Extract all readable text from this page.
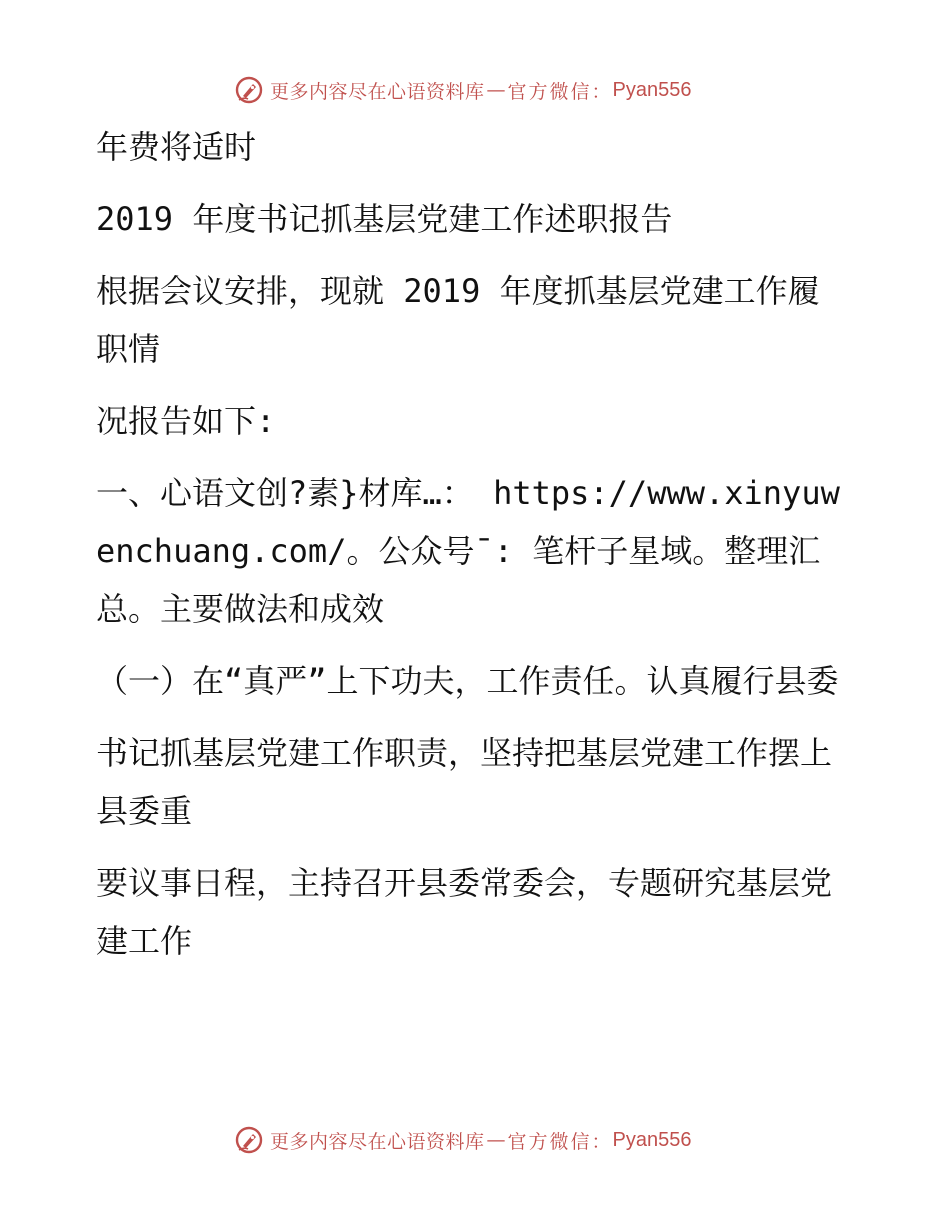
更多内容尽在心语资料库 — 官方微信： Pyan556

年费将适时

2019 年度书记抓基层党建工作述职报告

根据会议安排，现就 2019 年度抓基层党建工作履职情

况报告如下:

一、心语文创?素}材库…： https://www.xinyuwenchuang.com/。公众号¯: 笔杆子星域。整理汇总。主要做法和成效

（一）在“真严”上下功夫，工作责任。认真履行县委

书记抓基层党建工作职责，坚持把基层党建工作摆上县委重

要议事日程，主持召开县委常委会，专题研究基层党建工作

更多内容尽在心语资料库 — 官方微信： Pyan556
